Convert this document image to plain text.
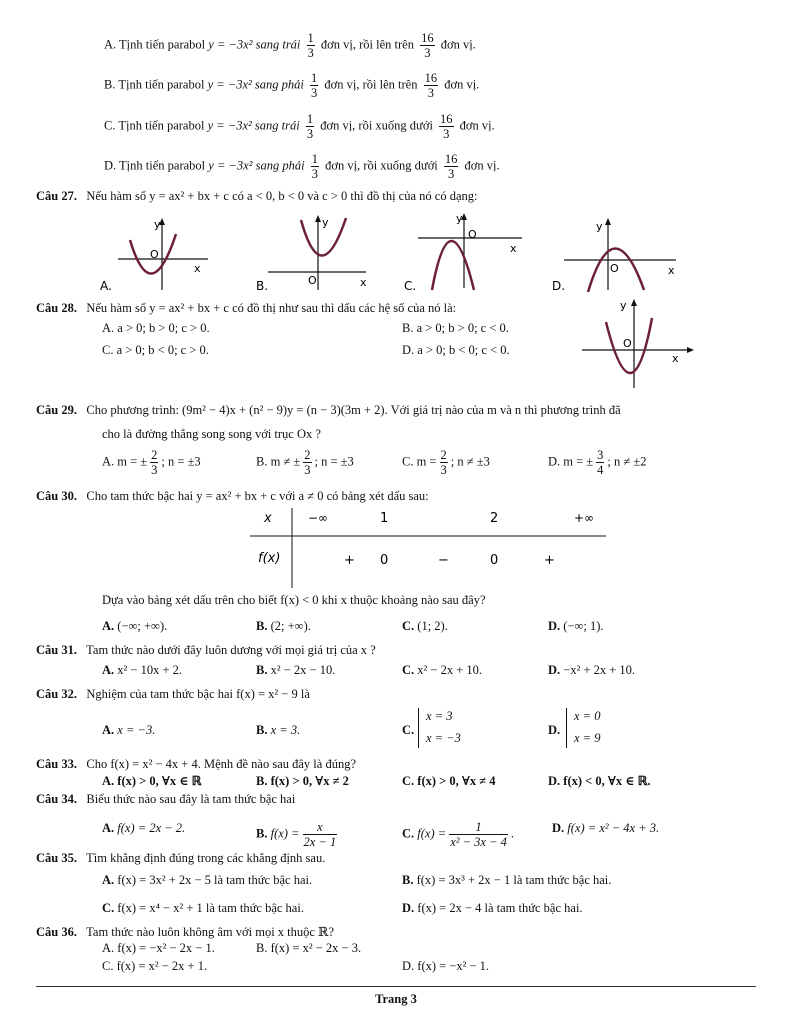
A. Tịnh tiến parabol y = −3x² sang trái $\frac{1}{3}$ đơn vị, rồi lên trên $\frac{16}{3}$ đơn vị.
B. Tịnh tiến parabol y = −3x² sang phải $\frac{1}{3}$ đơn vị, rồi lên trên $\frac{16}{3}$ đơn vị.
C. Tịnh tiến parabol y = −3x² sang trái $\frac{1}{3}$ đơn vị, rồi xuống dưới $\frac{16}{3}$ đơn vị.
D. Tịnh tiến parabol y = −3x² sang phải $\frac{1}{3}$ đơn vị, rồi xuống dưới $\frac{16}{3}$ đơn vị.
Câu 27. Nếu hàm số y = ax² + bx + c có a < 0, b < 0 và c > 0 thì đồ thị của nó có dạng:
y
x
O
A.
y
x
O
B.
y
x
O
C.
y
x
O
D.
Câu 28. Nếu hàm số y = ax² + bx + c có đồ thị như sau thì dấu các hệ số của nó là:
A. a > 0; b > 0; c > 0.	B. a > 0; b > 0; c < 0.
C. a > 0; b < 0; c > 0.	D. a > 0; b < 0; c < 0.
y
x
O
Câu 29. Cho phương trình: (9m² − 4)x + (n² − 9)y = (n − 3)(3m + 2). Với giá trị nào của m và n thì phương trình đã
cho là đường thẳng song song với trục Ox ?
A. m = ± $\frac{2}{3}$ ; n = ±3	B. m ≠ ± $\frac{2}{3}$ ; n = ±3	C. $m = \frac{2}{3}$ ; n ≠ ±3	D. m = ± $\frac{3}{4}$ ; n ≠ ±2
Câu 30. Cho tam thức bậc hai y = ax² + bx + c với a ≠ 0 có bảng xét dấu sau:
x	−∞	1	2	+∞
f(x)	+ 0	−	0	+
Dựa vào bảng xét dấu trên cho biết f(x) < 0 khi x thuộc khoảng nào sau đây?
A. (−∞; +∞).	B. (2; +∞).	C. (1; 2).	D. (−∞; 1).
Câu 31. Tam thức nào dưới đây luôn dương với mọi giá trị của x ?
A. x² − 10x + 2.	B. x² − 2x − 10.	C. x² − 2x + 10.	D. −x² + 2x + 10.
Câu 32. Nghiệm của tam thức bậc hai f(x) = x² − 9 là
A. x = −3.	B. x = 3.	C.
x = 3
x = −3
D.
x = 0
x = 9
Câu 33. Cho f(x) = x² − 4x + 4. Mệnh đề nào sau đây là đúng?
A. f(x) > 0, ∀x ∈ ℝ	B. f(x) > 0, ∀x ≠ 2	C. f(x) > 0, ∀x ≠ 4	D. f(x) < 0, ∀x ∈ ℝ.
Câu 34. Biểu thức nào sau đây là tam thức bậc hai
A. f(x) = 2x − 2.	B. $f(x) = \frac{x}{2x - 1}$	C. $f(x) = \frac{1}{\text{x² − 3x − 4}}$ .	D. f(x) = x² − 4x + 3.
Câu 35. Tìm khẳng định đúng trong các khẳng định sau.
A. f(x) = 3x² + 2x − 5 là tam thức bậc hai.	B. f(x) = 3x³ + 2x − 1 là tam thức bậc hai.
C. f(x) = x⁴ − x² + 1 là tam thức bậc hai.	D. f(x) = 2x − 4 là tam thức bậc hai.
Câu 36. Tam thức nào luôn không âm với mọi x thuộc ℝ?
A. f(x) = −x² − 2x − 1.	B. f(x) = x² − 2x − 3.
C. f(x) = x² − 2x + 1.	D. f(x) = −x² − 1.
Trang 3
